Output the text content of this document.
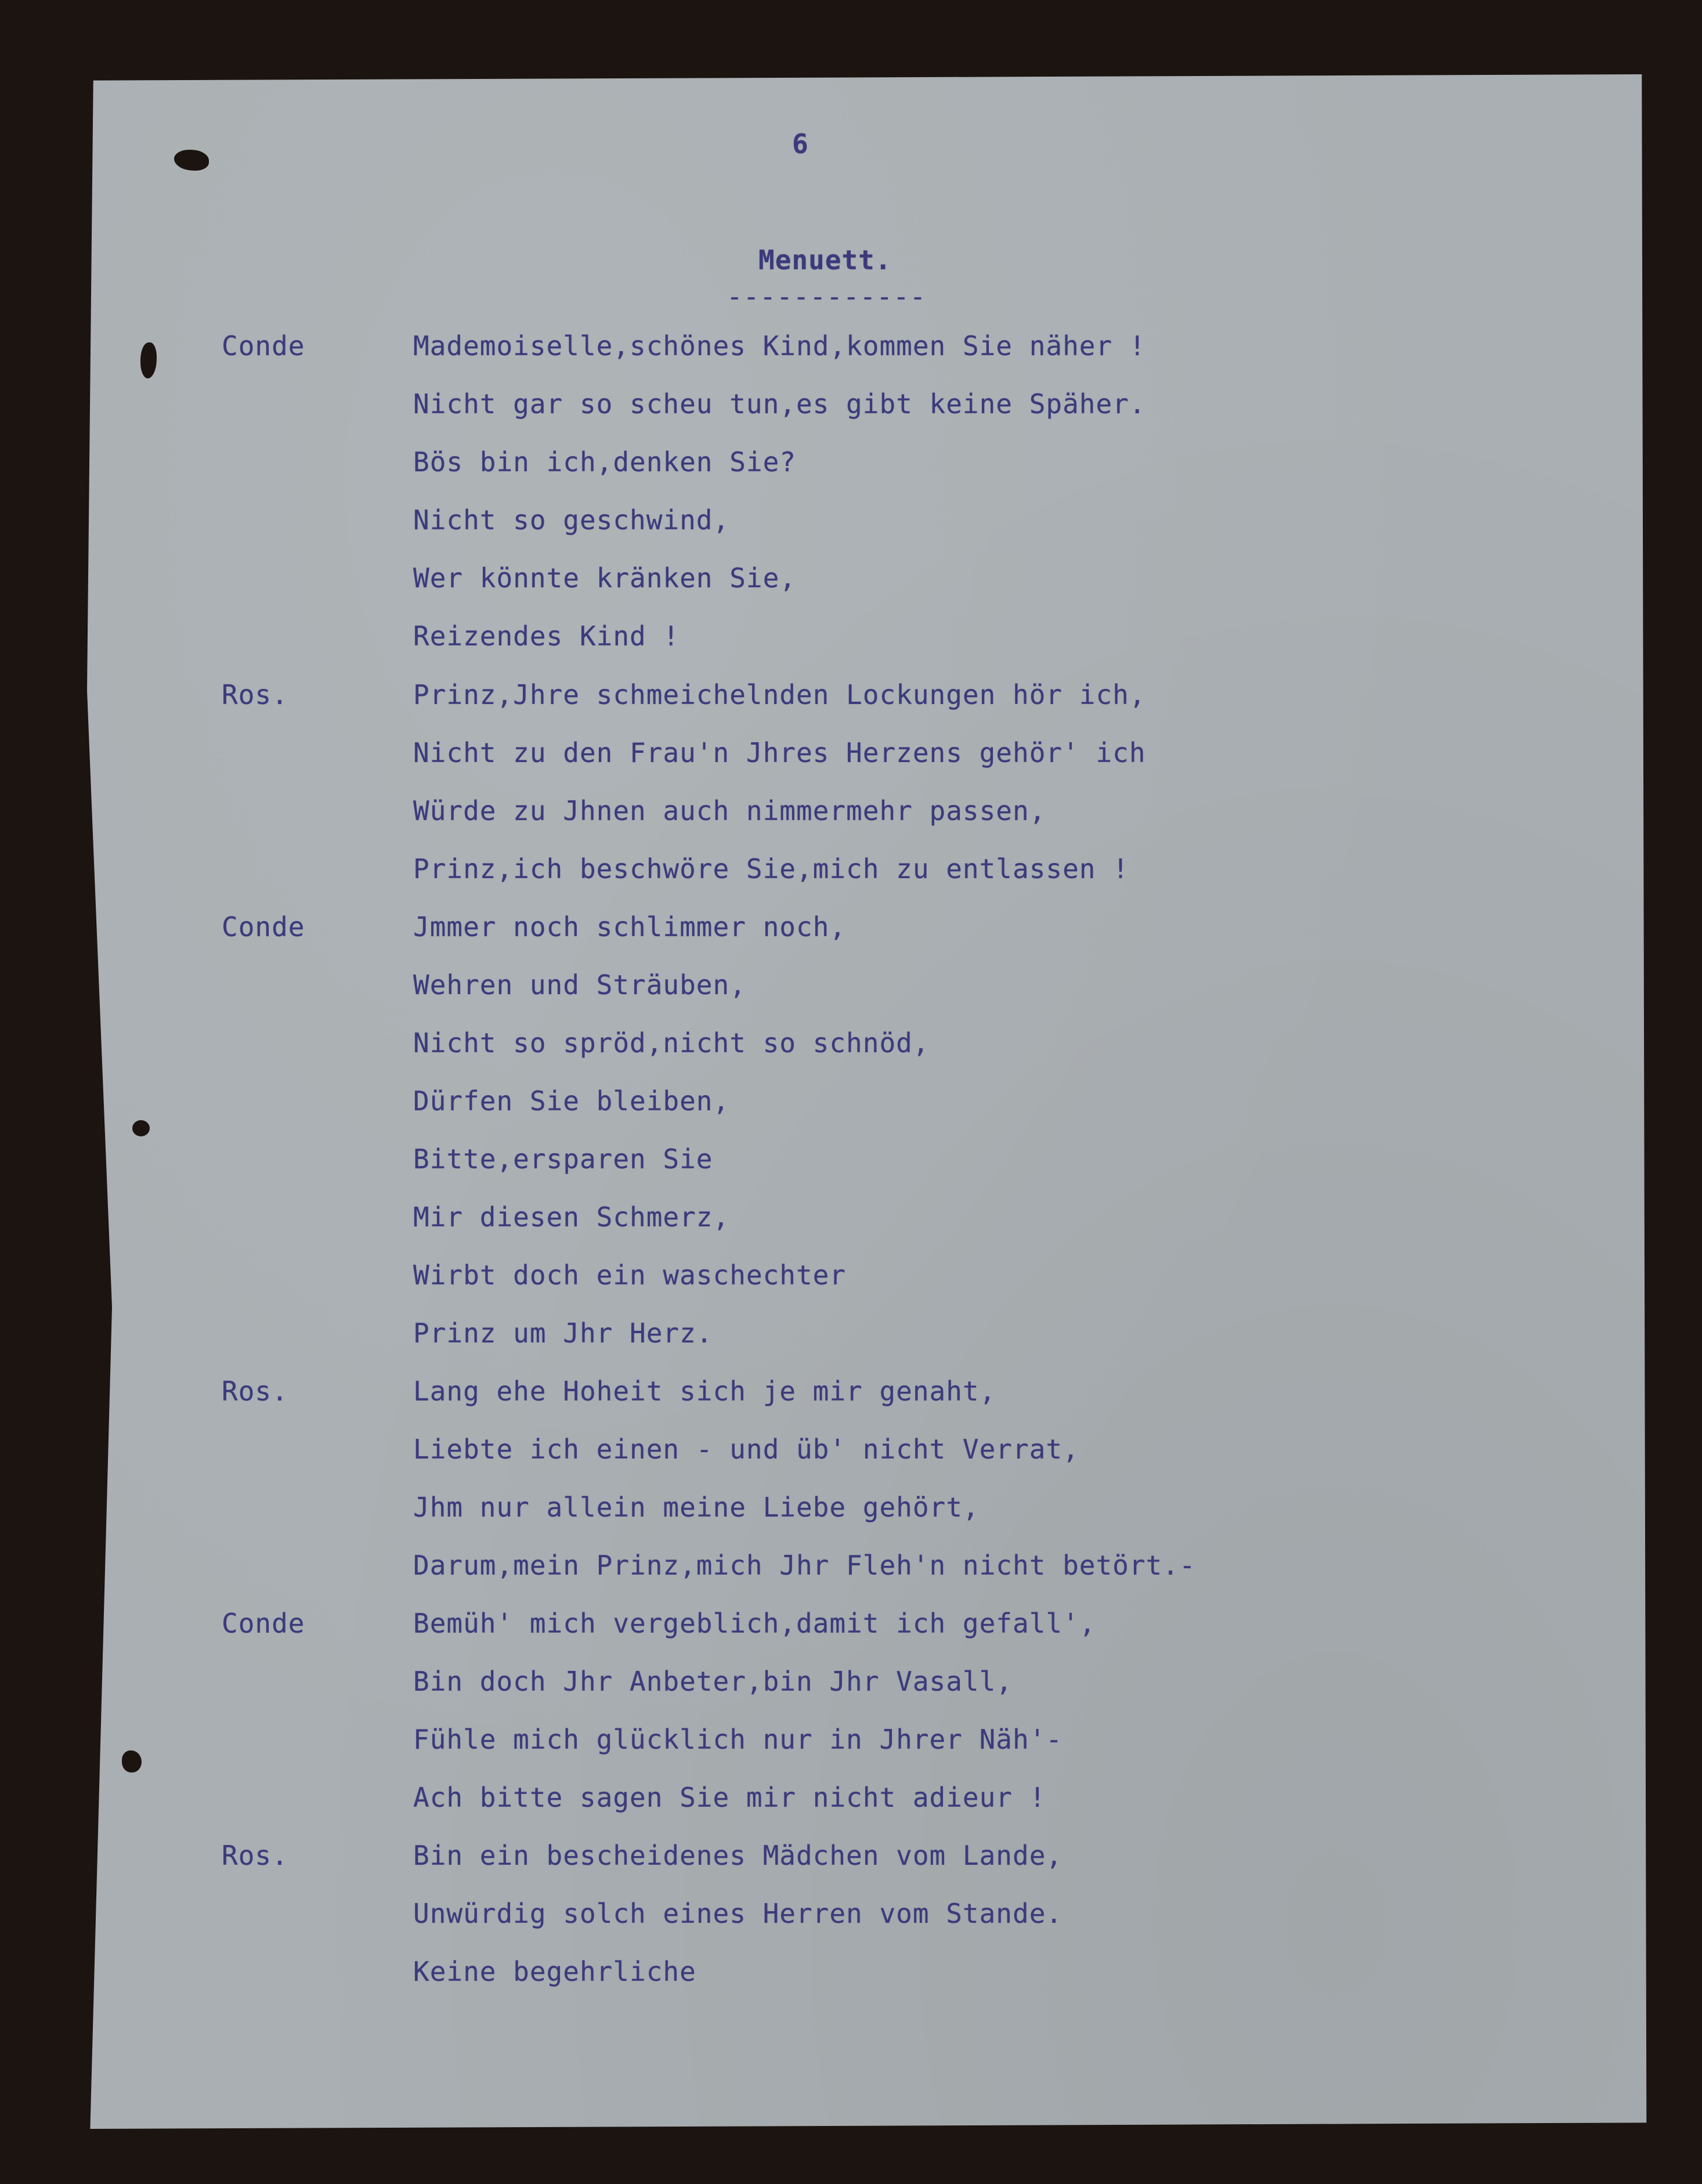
6
Menuett.
------------
Conde
Ros.
Conde
Ros.
Conde
Ros.
Mademoiselle,schönes Kind,kommen Sie näher !
Nicht gar so scheu tun,es gibt keine Späher.
Bös bin ich,denken Sie?
Nicht so geschwind,
Wer könnte kränken Sie,
Reizendes Kind !
Prinz,Jhre schmeichelnden Lockungen hör ich,
Nicht zu den Frau'n Jhres Herzens gehör' ich
Würde zu Jhnen auch nimmermehr passen,
Prinz,ich beschwöre Sie,mich zu entlassen !
Jmmer noch schlimmer noch,
Wehren und Sträuben,
Nicht so spröd,nicht so schnöd,
Dürfen Sie bleiben,
Bitte,ersparen Sie
Mir diesen Schmerz,
Wirbt doch ein waschechter
Prinz um Jhr Herz.
Lang ehe Hoheit sich je mir genaht,
Liebte ich einen - und üb' nicht Verrat,
Jhm nur allein meine Liebe gehört,
Darum,mein Prinz,mich Jhr Fleh'n nicht betört.-
Bemüh' mich vergeblich,damit ich gefall',
Bin doch Jhr Anbeter,bin Jhr Vasall,
Fühle mich glücklich nur in Jhrer Näh'-
Ach bitte sagen Sie mir nicht adieur !
Bin ein bescheidenes Mädchen vom Lande,
Unwürdig solch eines Herren vom Stande.
Keine begehrliche
